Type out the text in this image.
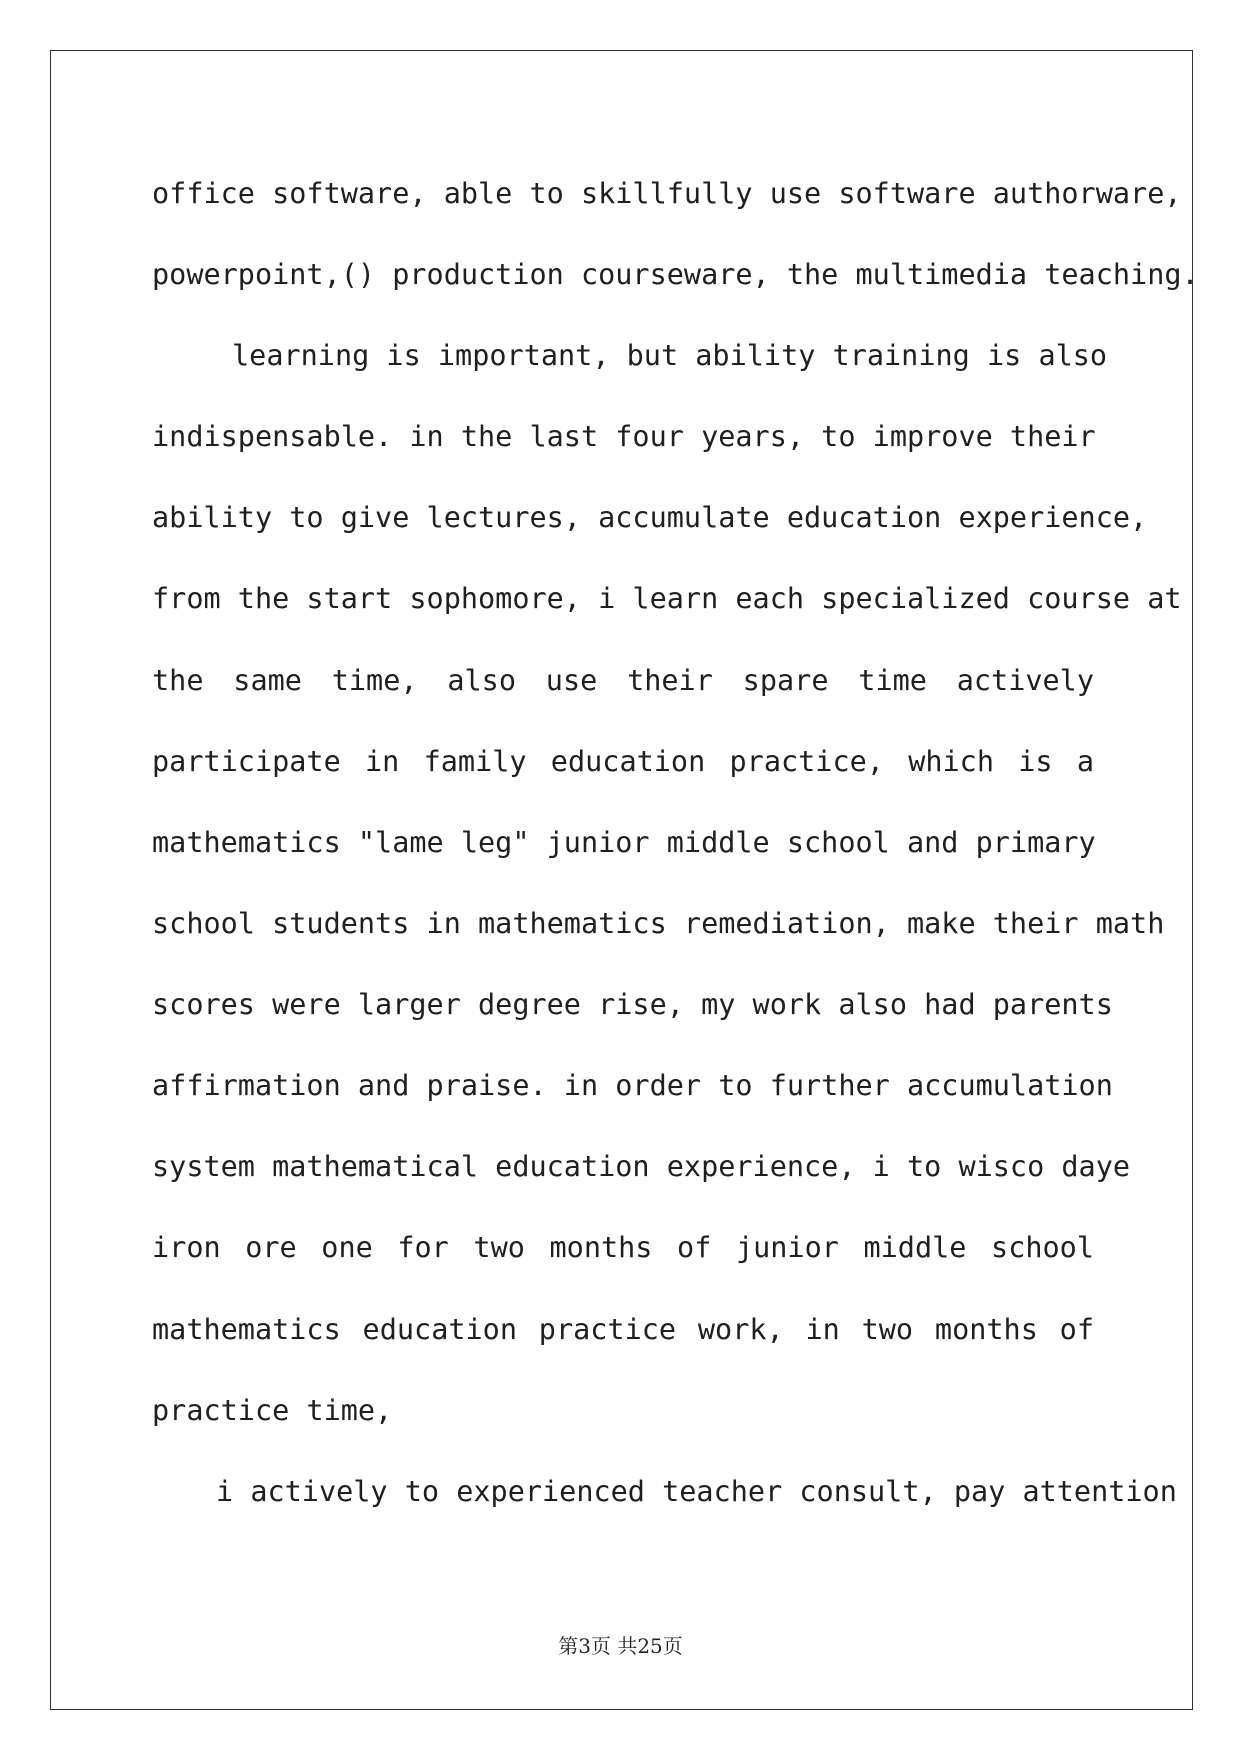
office software, able to skillfully use software authorware,
powerpoint,() production courseware, the multimedia teaching.
learning is important, but ability training is also
indispensable. in the last four years, to improve their
ability to give lectures, accumulate education experience,
from the start sophomore, i learn each specialized course at
the same time, also use their spare time actively
participate in family education practice, which is a
mathematics "lame leg" junior middle school and primary
school students in mathematics remediation, make their math
scores were larger degree rise, my work also had parents
affirmation and praise. in order to further accumulation
system mathematical education experience, i to wisco daye
iron ore one for two months of junior middle school
mathematics education practice work, in two months of
practice time,
i actively to experienced teacher consult, pay attention
第3页 共25页
